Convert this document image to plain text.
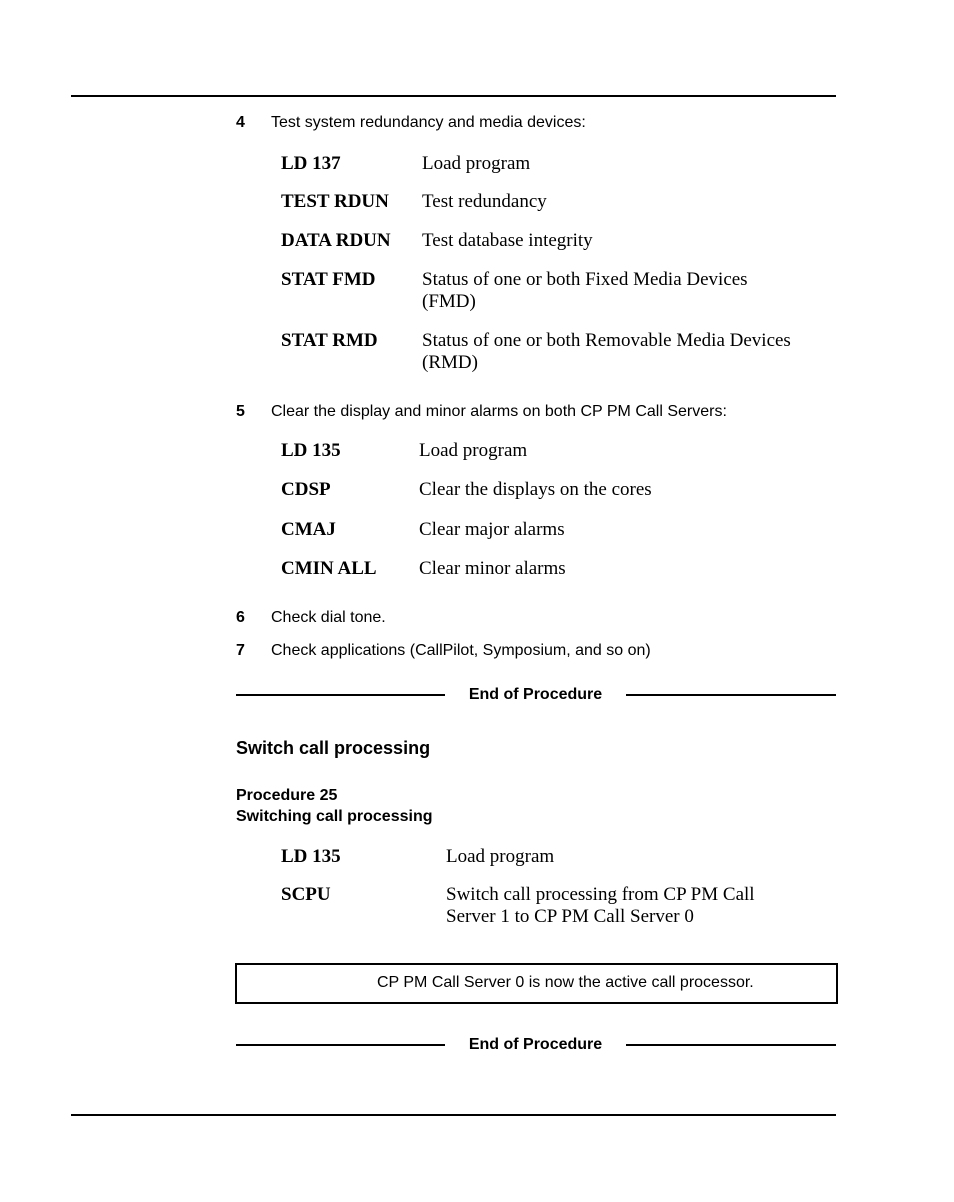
4 Test system redundancy and media devices:
LD 137	Load program
TEST RDUN Test redundancy
DATA RDUN Test database integrity
STAT FMD Status of one or both Fixed Media Devices
(FMD)
STAT RMD Status of one or both Removable Media Devices
(RMD)
5 Clear the display and minor alarms on both CP PM Call Servers:
LD 135	Load program
CDSP	Clear the displays on the cores
CMAJ	Clear major alarms
CMIN ALL Clear minor alarms
6 Check dial tone.
7 Check applications (CallPilot, Symposium, and so on)
End of Procedure
Switch call processing
Procedure 25
Switching call processing
LD 135	Load program
SCPU	Switch call processing from CP PM Call
Server 1 to CP PM Call Server 0
CP PM Call Server 0 is now the active call processor.
End of Procedure
